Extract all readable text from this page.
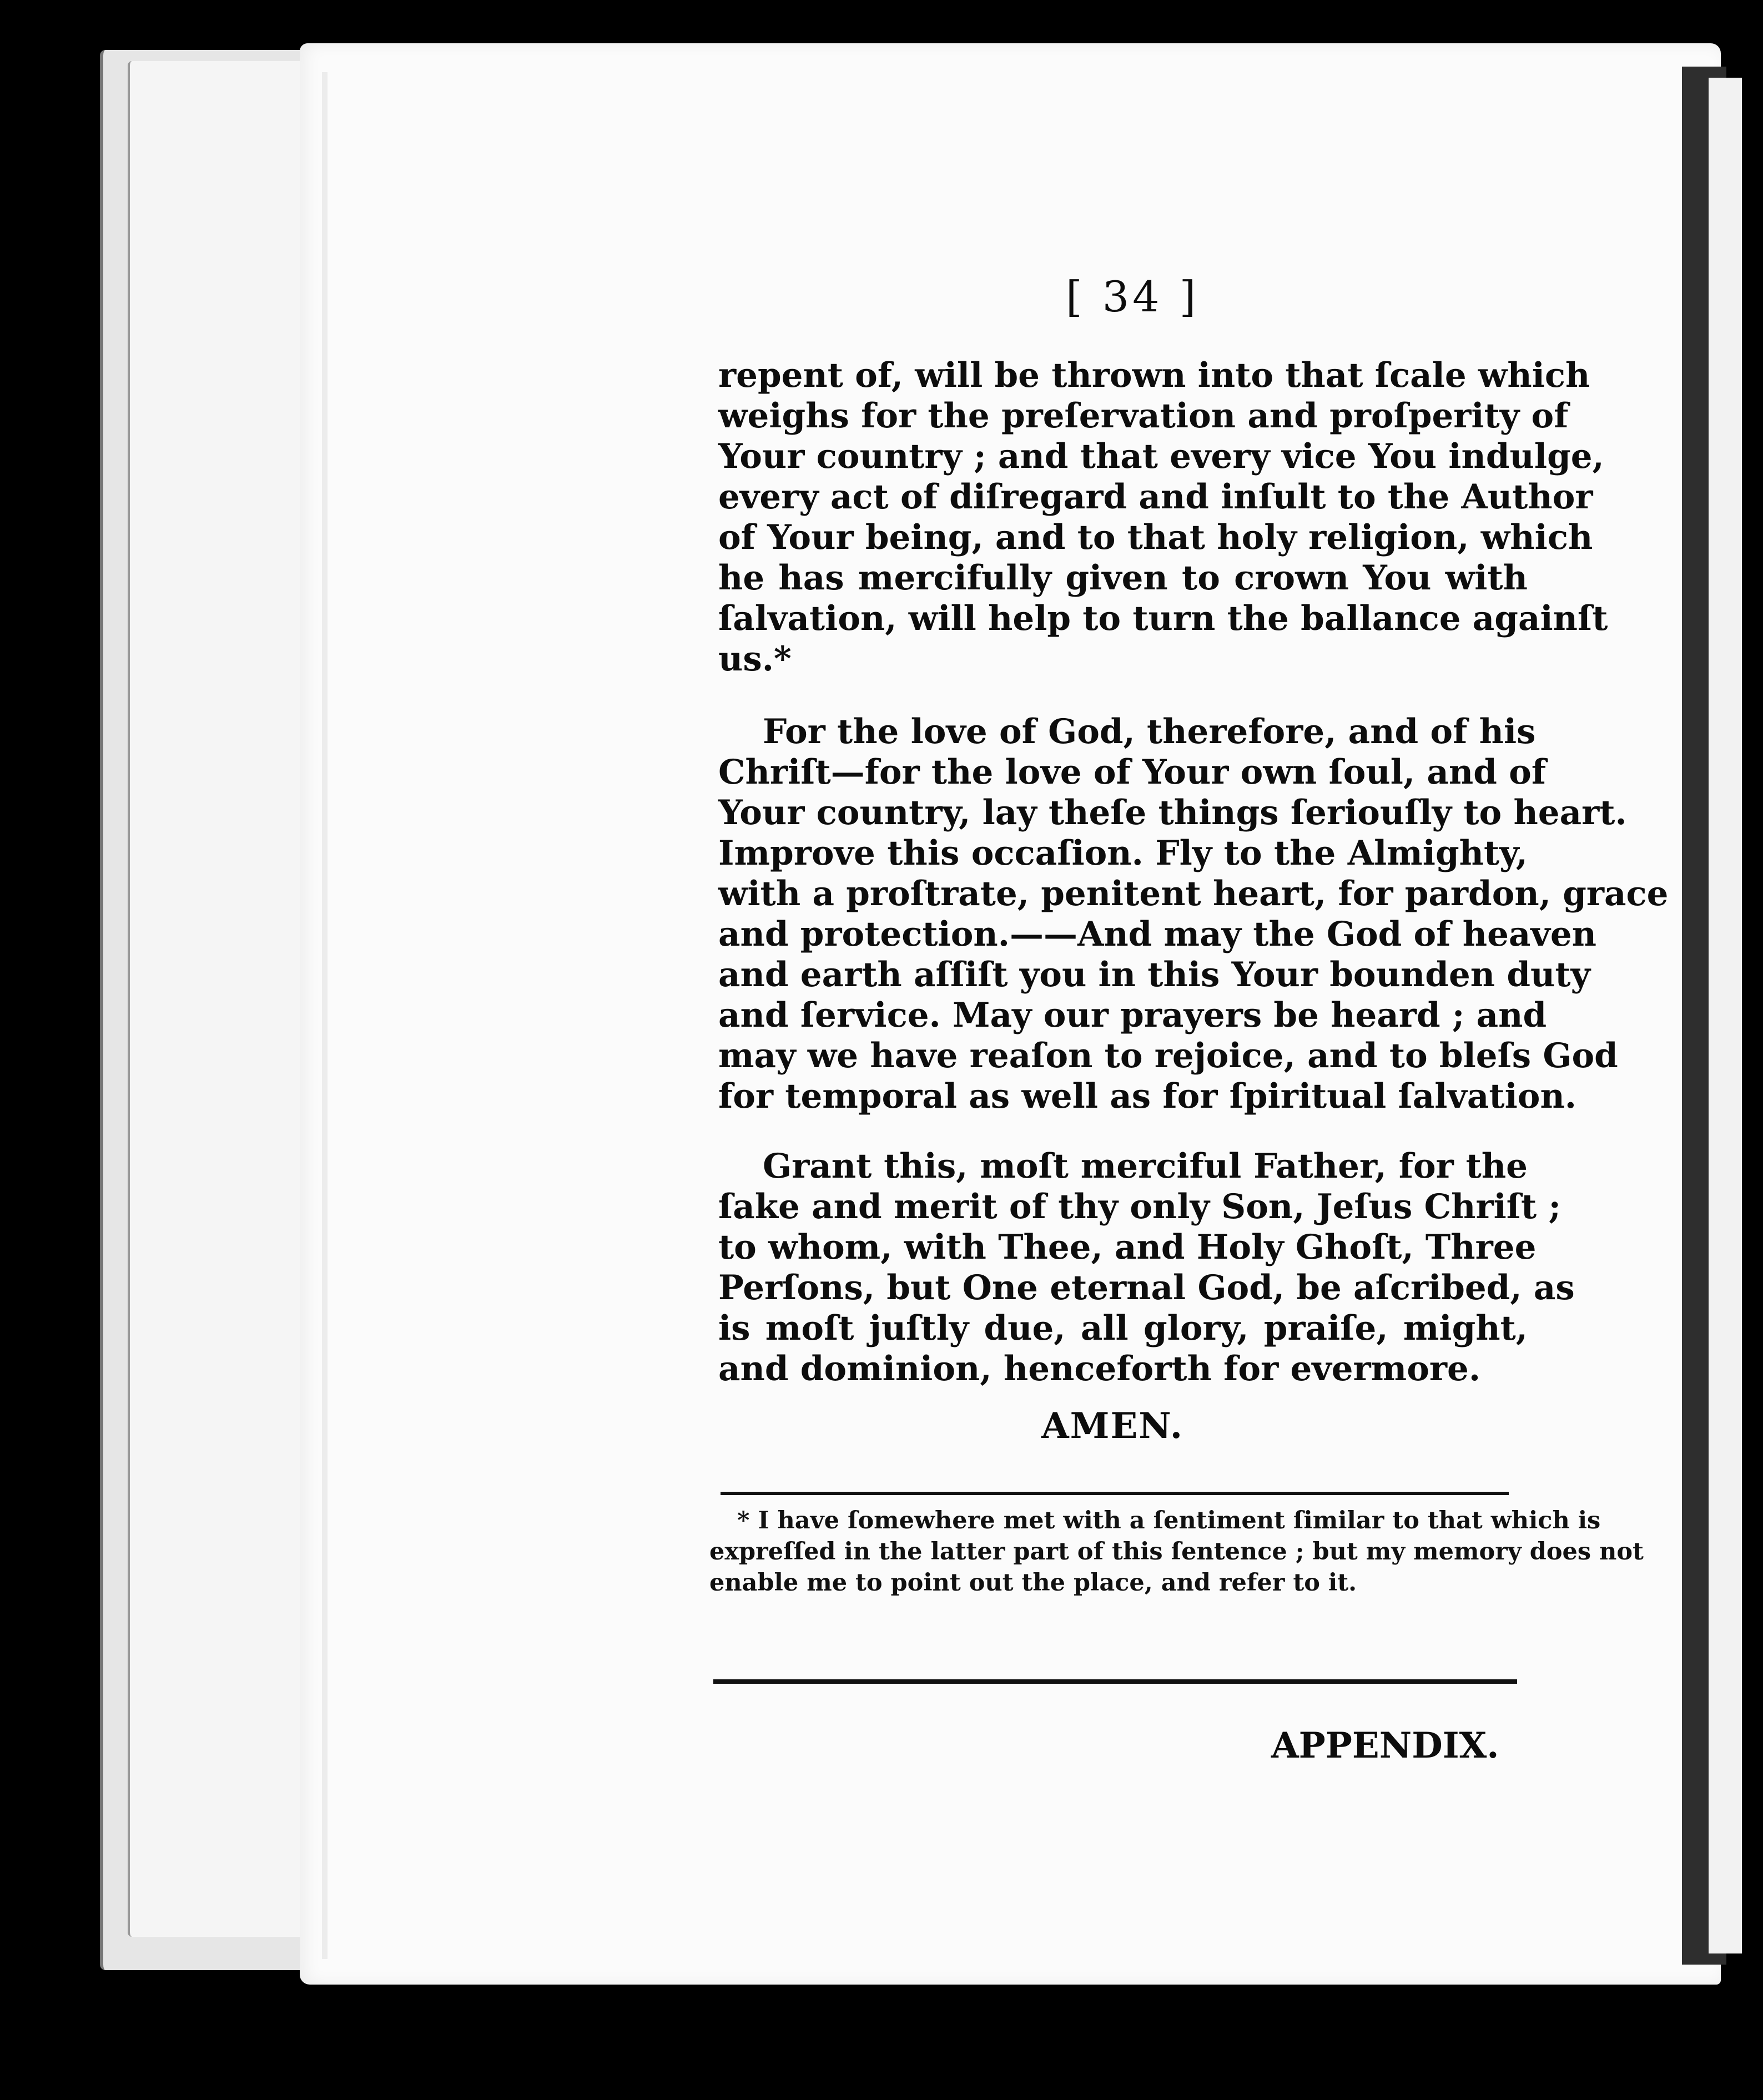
[ 34 ]
repent of, will be thrown into that ſcale which
weighs for the preſervation and proſperity of
Your country ; and that every vice You indulge,
every act of diſregard and inſult to the Author
of Your being, and to that holy religion, which
he has mercifully given to crown You with
ſalvation, will help to turn the ballance againſt
us.*
For the love of God, therefore, and of his
Chriſt—for the love of Your own ſoul, and of
Your country, lay theſe things ſeriouſly to heart.
Improve this occaſion. Fly to the Almighty,
with a proſtrate, penitent heart, for pardon, grace
and protection.——And may the God of heaven
and earth aſſiſt you in this Your bounden duty
and ſervice. May our prayers be heard ; and
may we have reaſon to rejoice, and to bleſs God
for temporal as well as for ſpiritual ſalvation.
Grant this, moſt merciful Father, for the
ſake and merit of thy only Son, Jeſus Chriſt ;
to whom, with Thee, and Holy Ghoſt, Three
Perſons, but One eternal God, be aſcribed, as
is moſt juſtly due, all glory, praiſe, might,
and dominion, henceforth for evermore.
AMEN.
* I have ſomewhere met with a ſentiment ſimilar to that which is
expreſſed in the latter part of this ſentence ; but my memory does not
enable me to point out the place, and refer to it.
APPENDIX.
